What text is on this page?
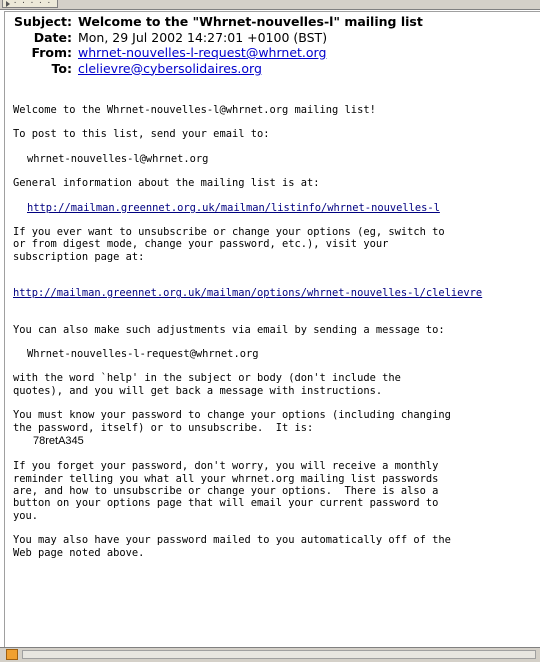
· · · · ·
Subject: Welcome to the "Whrnet-nouvelles-l" mailing list
Date: Mon, 29 Jul 2002 14:27:01 +0100 (BST)
From: whrnet-nouvelles-l-request@whrnet.org
To: clelievre@cybersolidaires.org

Welcome to the Whrnet-nouvelles-l@whrnet.org mailing list!

To post to this list, send your email to:

whrnet-nouvelles-l@whrnet.org

General information about the mailing list is at:

http://mailman.greennet.org.uk/mailman/listinfo/whrnet-nouvelles-l

If you ever want to unsubscribe or change your options (eg, switch to

or from digest mode, change your password, etc.), visit your

subscription page at:

http://mailman.greennet.org.uk/mailman/options/whrnet-nouvelles-l/clelievre

You can also make such adjustments via email by sending a message to:

Whrnet-nouvelles-l-request@whrnet.org

with the word `help' in the subject or body (don't include the

quotes), and you will get back a message with instructions.

You must know your password to change your options (including changing

the password, itself) or to unsubscribe.  It is:

78retA345

If you forget your password, don't worry, you will receive a monthly

reminder telling you what all your whrnet.org mailing list passwords

are, and how to unsubscribe or change your options.  There is also a

button on your options page that will email your current password to

you.

You may also have your password mailed to you automatically off of the

Web page noted above.
